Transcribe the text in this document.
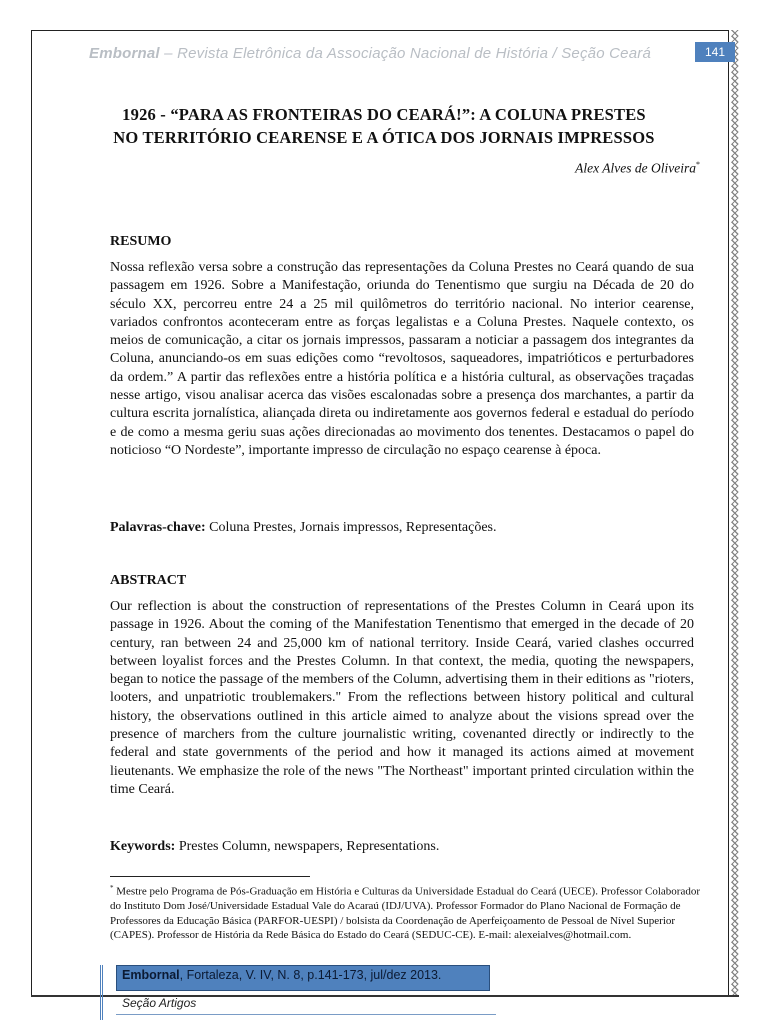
Embornal – Revista Eletrônica da Associação Nacional de História / Seção Ceará	141
1926 - “PARA AS FRONTEIRAS DO CEARÁ!”: A COLUNA PRESTES
NO TERRITÓRIO CEARENSE E A ÓTICA DOS JORNAIS IMPRESSOS
Alex Alves de Oliveira*
RESUMO

Nossa reflexão versa sobre a construção das representações da Coluna Prestes no Ceará quando de sua passagem em 1926. Sobre a Manifestação, oriunda do Tenentismo que surgiu na Década de 20 do século XX, percorreu entre 24 a 25 mil quilômetros do território nacional. No interior cearense, variados confrontos aconteceram entre as forças legalistas e a Coluna Prestes. Naquele contexto, os meios de comunicação, a citar os jornais impressos, passaram a noticiar a passagem dos integrantes da Coluna, anunciando-os em suas edições como “revoltosos, saqueadores, impatrióticos e perturbadores da ordem.” A partir das reflexões entre a história política e a história cultural, as observações traçadas nesse artigo, visou analisar acerca das visões escalonadas sobre a presença dos marchantes, a partir da cultura escrita jornalística, aliançada direta ou indiretamente aos governos federal e estadual do período e de como a mesma geriu suas ações direcionadas ao movimento dos tenentes. Destacamos o papel do noticioso “O Nordeste”, importante impresso de circulação no espaço cearense à época.

Palavras-chave: Coluna Prestes, Jornais impressos, Representações.

ABSTRACT

Our reflection is about the construction of representations of the Prestes Column in Ceará upon its passage in 1926. About the coming of the Manifestation Tenentismo that emerged in the decade of 20 century, ran between 24 and 25,000 km of national territory. Inside Ceará, varied clashes occurred between loyalist forces and the Prestes Column. In that context, the media, quoting the newspapers, began to notice the passage of the members of the Column, advertising them in their editions as "rioters, looters, and unpatriotic troublemakers." From the reflections between history political and cultural history, the observations outlined in this article aimed to analyze about the visions spread over the presence of marchers from the culture journalistic writing, covenanted directly or indirectly to the federal and state governments of the period and how it managed its actions aimed at movement lieutenants. We emphasize the role of the news "The Northeast" important printed circulation within the time Ceará.

Keywords: Prestes Column, newspapers, Representations.

* Mestre pelo Programa de Pós-Graduação em História e Culturas da Universidade Estadual do Ceará (UECE). Professor Colaborador do Instituto Dom José/Universidade Estadual Vale do Acaraú (IDJ/UVA). Professor Formador do Plano Nacional de Formação de Professores da Educação Básica (PARFOR-UESPI) / bolsista da Coordenação de Aperfeiçoamento de Pessoal de Nível Superior (CAPES). Professor de História da Rede Básica do Estado do Ceará (SEDUC-CE). E-mail: alexeialves@hotmail.com.
Embornal, Fortaleza, V. IV, N. 8, p.141-173, jul/dez 2013.
Seção Artigos
